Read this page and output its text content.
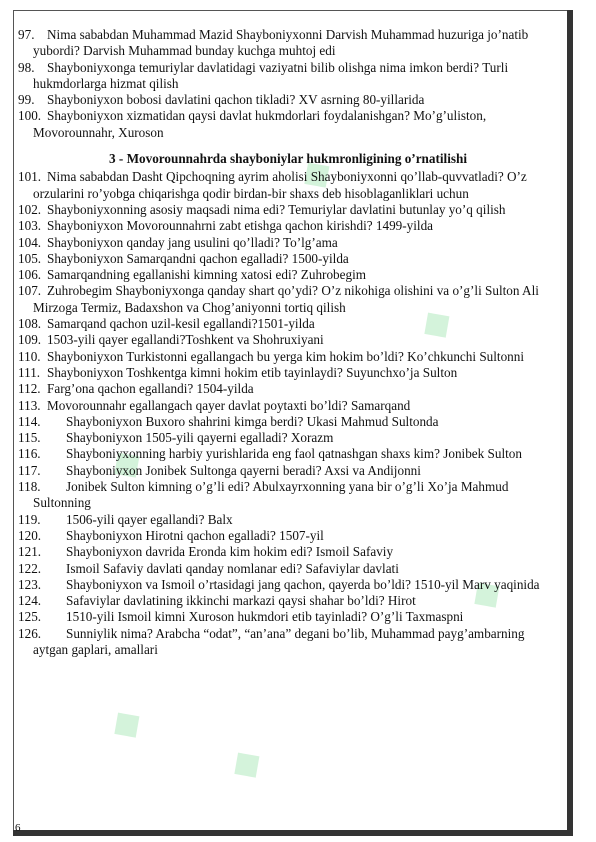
◆
◆
◆
◆
◆
◆

97. Nima sababdan Muhammad Mazid Shayboniyxonni Darvish Muhammad huzuriga jo’natib yubordi? Darvish Muhammad bunday kuchga muhtoj edi

98. Shayboniyxonga temuriylar davlatidagi vaziyatni bilib olishga nima imkon berdi? Turli hukmdorlarga hizmat qilish

99. Shayboniyxon bobosi davlatini qachon tikladi? XV asrning 80-yillarida

100. Shayboniyxon xizmatidan qaysi davlat hukmdorlari foydalanishgan? Mo’g’uliston, Movorounnahr, Xuroson

3 - Movorounnahrda shayboniylar hukmronligining o’rnatilishi

101. Nima sababdan Dasht Qipchoqning ayrim aholisi Shayboniyxonni qo’llab-quvvatladi? O’z orzularini ro’yobga chiqarishga qodir birdan-bir shaxs deb hisoblaganliklari uchun

102. Shayboniyxonning asosiy maqsadi nima edi? Temuriylar davlatini butunlay yo’q qilish

103. Shayboniyxon Movorounnahrni zabt etishga qachon kirishdi? 1499-yilda

104. Shayboniyxon qanday jang usulini qo’lladi? To’lg’ama

105. Shayboniyxon Samarqandni qachon egalladi? 1500-yilda

106. Samarqandning egallanishi kimning xatosi edi? Zuhrobegim

107. Zuhrobegim Shayboniyxonga qanday shart qo’ydi? O’z nikohiga olishini va o’g’li Sulton Ali Mirzoga Termiz, Badaxshon va Chog’aniyonni tortiq qilish

108. Samarqand qachon uzil-kesil egallandi?1501-yilda

109. 1503-yili qayer egallandi?Toshkent va Shohruxiyani

110. Shayboniyxon Turkistonni egallangach bu yerga kim hokim bo’ldi? Ko’chkunchi Sultonni

111. Shayboniyxon Toshkentga kimni hokim etib tayinlaydi? Suyunchxo’ja Sulton

112. Farg’ona qachon egallandi? 1504-yilda

113. Movorounnahr egallangach qayer davlat poytaxti bo’ldi? Samarqand

114. Shayboniyxon Buxoro shahrini kimga berdi? Ukasi Mahmud Sultonda

115. Shayboniyxon 1505-yili qayerni egalladi? Xorazm

116. Shayboniyxonning harbiy yurishlarida eng faol qatnashgan shaxs kim? Jonibek Sulton

117. Shayboniyxon Jonibek Sultonga qayerni beradi? Axsi va Andijonni

118. Jonibek Sulton kimning o’g’li edi? Abulxayrxonning yana bir o’g’li Xo’ja Mahmud Sultonning

119. 1506-yili qayer egallandi? Balx

120. Shayboniyxon Hirotni qachon egalladi? 1507-yil

121. Shayboniyxon davrida Eronda kim hokim edi? Ismoil Safaviy

122. Ismoil Safaviy davlati qanday nomlanar edi? Safaviylar davlati

123. Shayboniyxon va Ismoil o’rtasidagi jang qachon, qayerda bo’ldi? 1510-yil Marv yaqinida

124. Safaviylar davlatining ikkinchi markazi qaysi shahar bo’ldi? Hirot

125. 1510-yili Ismoil kimni Xuroson hukmdori etib tayinladi? O’g’li Taxmaspni

126. Sunniylik nima? Arabcha “odat”, “an’ana” degani bo’lib, Muhammad payg’ambarning aytgan gaplari, amallari

6
